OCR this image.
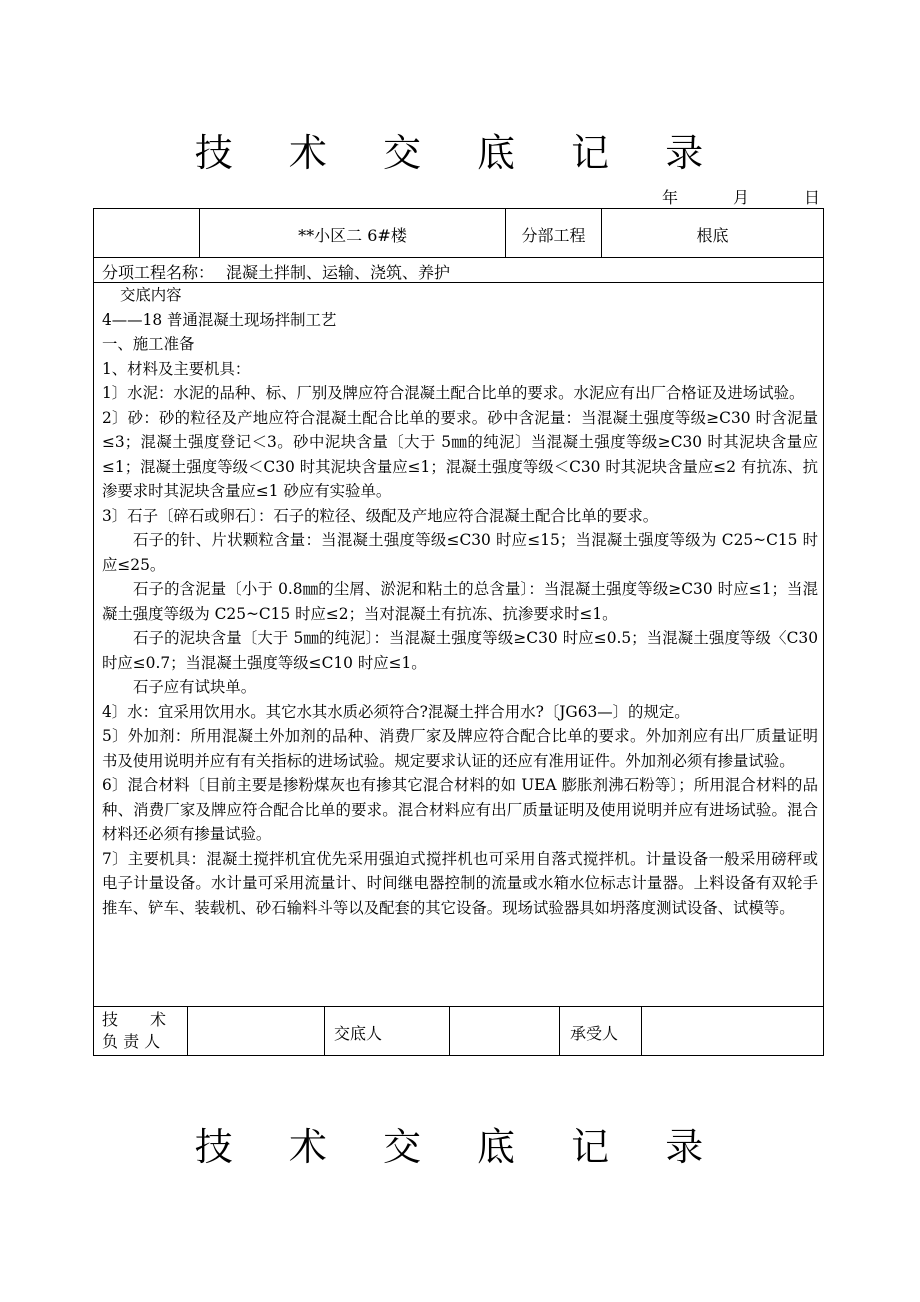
技 术 交 底 记 录
年	月	日
**小区二 6#楼	分部工程	根底
分项工程名称： 混凝土拌制、运输、浇筑、养护

交底内容

4——18 普通混凝土现场拌制工艺

一、施工准备

1、材料及主要机具：

1〕水泥：水泥的品种、标、厂别及牌应符合混凝土配合比单的要求。水泥应有出厂合格证及进场试验。

2〕砂：砂的粒径及产地应符合混凝土配合比单的要求。砂中含泥量：当混凝土强度等级≥C30 时含泥量≤3；混凝土强度登记＜3。砂中泥块含量〔大于 5㎜的纯泥〕当混凝土强度等级≥C30 时其泥块含量应≤1；混凝土强度等级＜C30 时其泥块含量应≤1；混凝土强度等级＜C30 时其泥块含量应≤2 有抗冻、抗渗要求时其泥块含量应≤1 砂应有实验单。

3〕石子〔碎石或卵石〕：石子的粒径、级配及产地应符合混凝土配合比单的要求。

石子的针、片状颗粒含量：当混凝土强度等级≤C30 时应≤15；当混凝土强度等级为 C25~C15 时应≤25。

石子的含泥量〔小于 0.8㎜的尘屑、淤泥和粘土的总含量〕：当混凝土强度等级≥C30 时应≤1；当混凝土强度等级为 C25~C15 时应≤2；当对混凝土有抗冻、抗渗要求时≤1。

石子的泥块含量〔大于 5㎜的纯泥〕：当混凝土强度等级≥C30 时应≤0.5；当混凝土强度等级〈C30 时应≤0.7；当混凝土强度等级≤C10 时应≤1。

石子应有试块单。

4〕水：宜采用饮用水。其它水其水质必须符合?混凝土拌合用水?〔JG63—〕的规定。

5〕外加剂：所用混凝土外加剂的品种、消费厂家及牌应符合配合比单的要求。外加剂应有出厂质量证明书及使用说明并应有有关指标的进场试验。规定要求认证的还应有准用证件。外加剂必须有掺量试验。

6〕混合材料〔目前主要是掺粉煤灰也有掺其它混合材料的如 UEA 膨胀剂沸石粉等〕；所用混合材料的品种、消费厂家及牌应符合配合比单的要求。混合材料应有出厂质量证明及使用说明并应有进场试验。混合材料还必须有掺量试验。

7〕主要机具：混凝土搅拌机宜优先采用强迫式搅拌机也可采用自落式搅拌机。计量设备一般采用磅秤或电子计量设备。水计量可采用流量计、时间继电器控制的流量或水箱水位标志计量器。上料设备有双轮手推车、铲车、装载机、砂石输料斗等以及配套的其它设备。现场试验器具如坍落度测试设备、试模等。

技　　术
负 责 人	交底人	承受人
技 术 交 底 记 录
